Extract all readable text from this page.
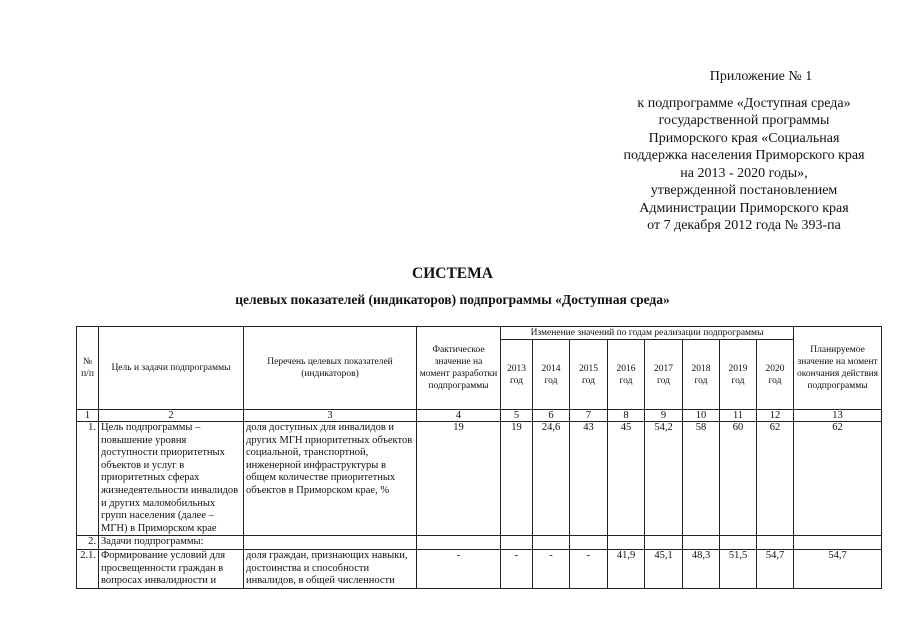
Приложение № 1
к подпрограмме «Доступная среда»
государственной программы
Приморского края «Социальная
поддержка населения Приморского края
на 2013 - 2020 годы»,
утвержденной постановлением
Администрации Приморского края
от 7 декабря 2012 года № 393-па
СИСТЕМА
целевых показателей (индикаторов) подпрограммы «Доступная среда»
№ п/п	Цель и задачи подпрограммы	Перечень целевых показателей (индикаторов)	Фактическое значение на момент разработки подпрограммы	Изменение значений по годам реализации подпрограммы								Планируемое значение на момент окончания действия подпрограммы
				2013 год	2014 год	2015 год	2016 год	2017 год	2018 год	2019 год	2020 год	
1	2	3	4	5	6	7	8	9	10	11	12	13
1.	Цель подпрограммы – повышение уровня доступности приоритетных объектов и услуг в приоритетных сферах жизнедеятельности инвалидов и других маломобильных групп населения (далее – МГН) в Приморском крае	доля доступных для инвалидов и других МГН приоритетных объектов социальной, транспортной, инженерной инфраструктуры в общем количестве приоритетных объектов в Приморском крае, %	19	19	24,6	43	45	54,2	58	60	62	62
2.	Задачи подпрограммы:											
2.1.	Формирование условий для просвещенности граждан в вопросах инвалидности и	доля граждан, признающих навыки, достоинства и способности инвалидов, в общей численности	-	-	-	-	41,9	45,1	48,3	51,5	54,7	54,7
